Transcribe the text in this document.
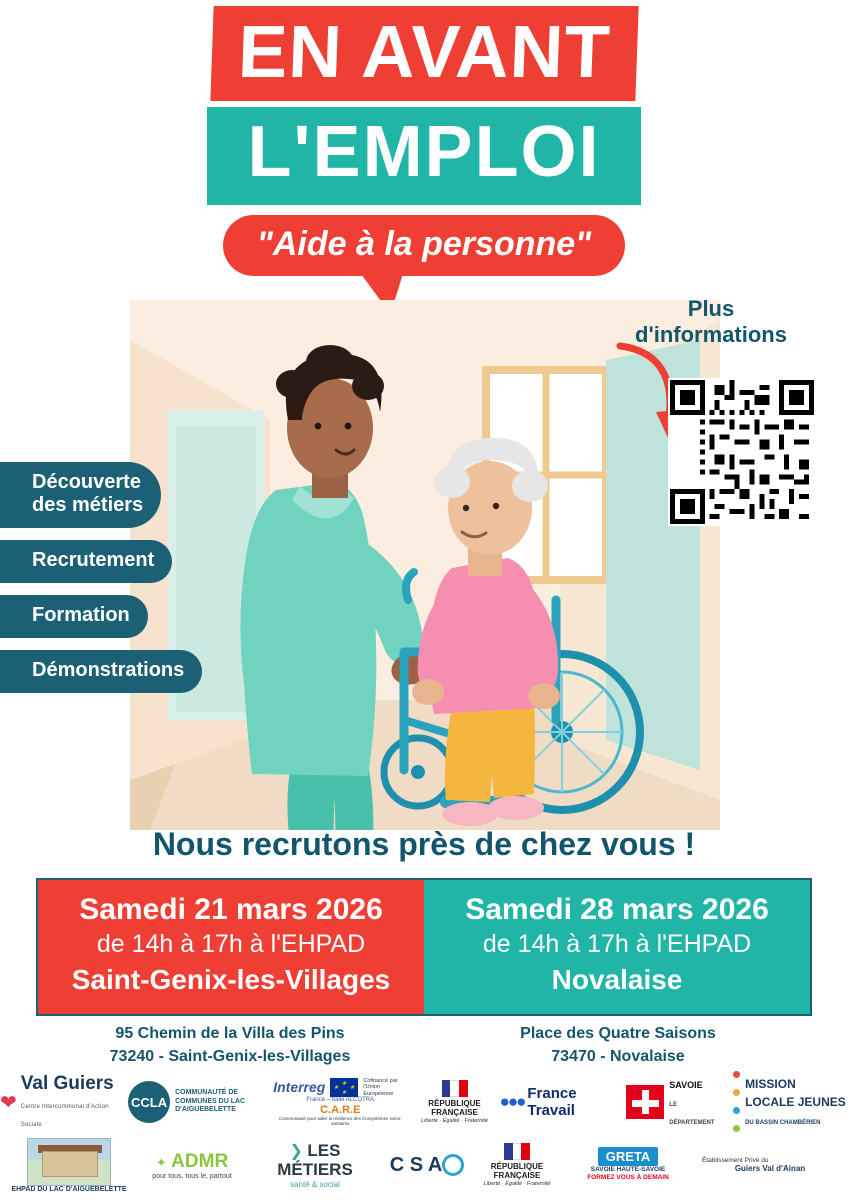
EN AVANT
L'EMPLOI
"Aide à la personne"
Plus
d'informations
Découverte
des métiers
Recrutement
Formation
Démonstrations
Nous recrutons près de chez vous !
Samedi 21 mars 2026
de 14h à 17h à l'EHPAD
Saint-Genix-les-Villages
Samedi 28 mars 2026
de 14h à 17h à l'EHPAD
Novalaise
95 Chemin de la Villa des Pins
73240 - Saint-Genix-les-Villages
Place des Quatre Saisons
73470 - Novalaise
❤
Val Guiers
Centre Intercommunal d'Action Sociale
CCLA
COMMUNAUTÉ DE COMMUNES DU LAC D'AIGUEBELETTE
Interreg ★
★
★
★
Cofinancé par l'Union Européenne
France – Italie ALCOTRA
C.A.R.E
Communauté pour aider la résilience des écosystèmes soins-santaires
RÉPUBLIQUE FRANÇAISE
Liberté · Égalité · Fraternité
●●● France Travail
SAVOIE
LE DÉPARTEMENT

MISSION LOCALE JEUNES
DU BASSIN CHAMBÉRIEN
EHPAD DU LAC D'AIGUEBELETTE
✦ ADMR
pour tous, tous le, partout
❯ LES MÉTIERS
santé & social
C S A	RÉPUBLIQUE FRANÇAISE
Liberté · Égalité · Fraternité
GRETA
SAVOIE HAUTE-SAVOIE
FORMEZ VOUS À DEMAIN
Établissement Privé du
Guiers Val d'Ainan
